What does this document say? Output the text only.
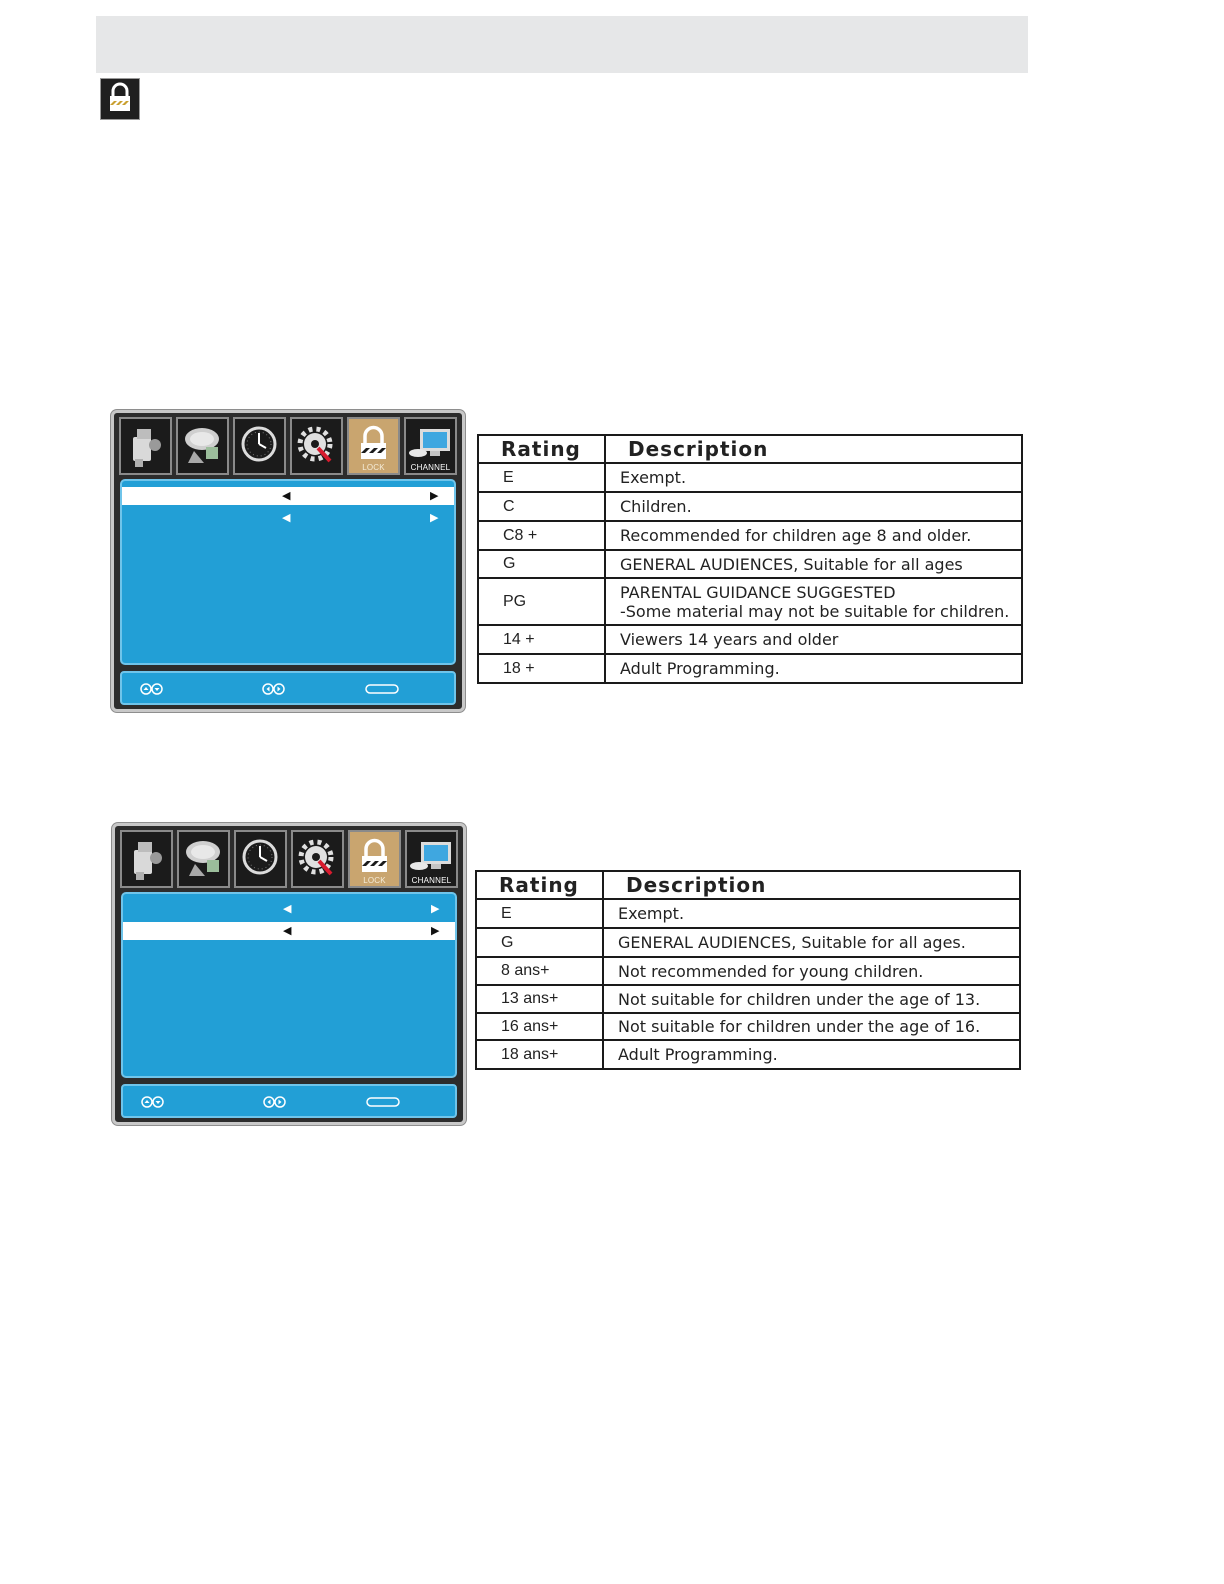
LOCK	CHANNEL
◀	▶
◀	▶
Rating	Description
E	Exempt.
C	Children.
C8 +	Recommended for children age 8 and older.
G	GENERAL AUDIENCES, Suitable for all ages
PG	PARENTAL GUIDANCE SUGGESTED
-Some material may not be suitable for children.

14 +	Viewers 14 years and older
18 +	Adult Programming.
LOCK	CHANNEL
◀	▶
◀	▶
Rating	Description
E	Exempt.
G	GENERAL AUDIENCES, Suitable for all ages.
8 ans+	Not recommended for young children.
13 ans+	Not suitable for children under the age of 13.
16 ans+	Not suitable for children under the age of 16.
18 ans+	Adult Programming.
